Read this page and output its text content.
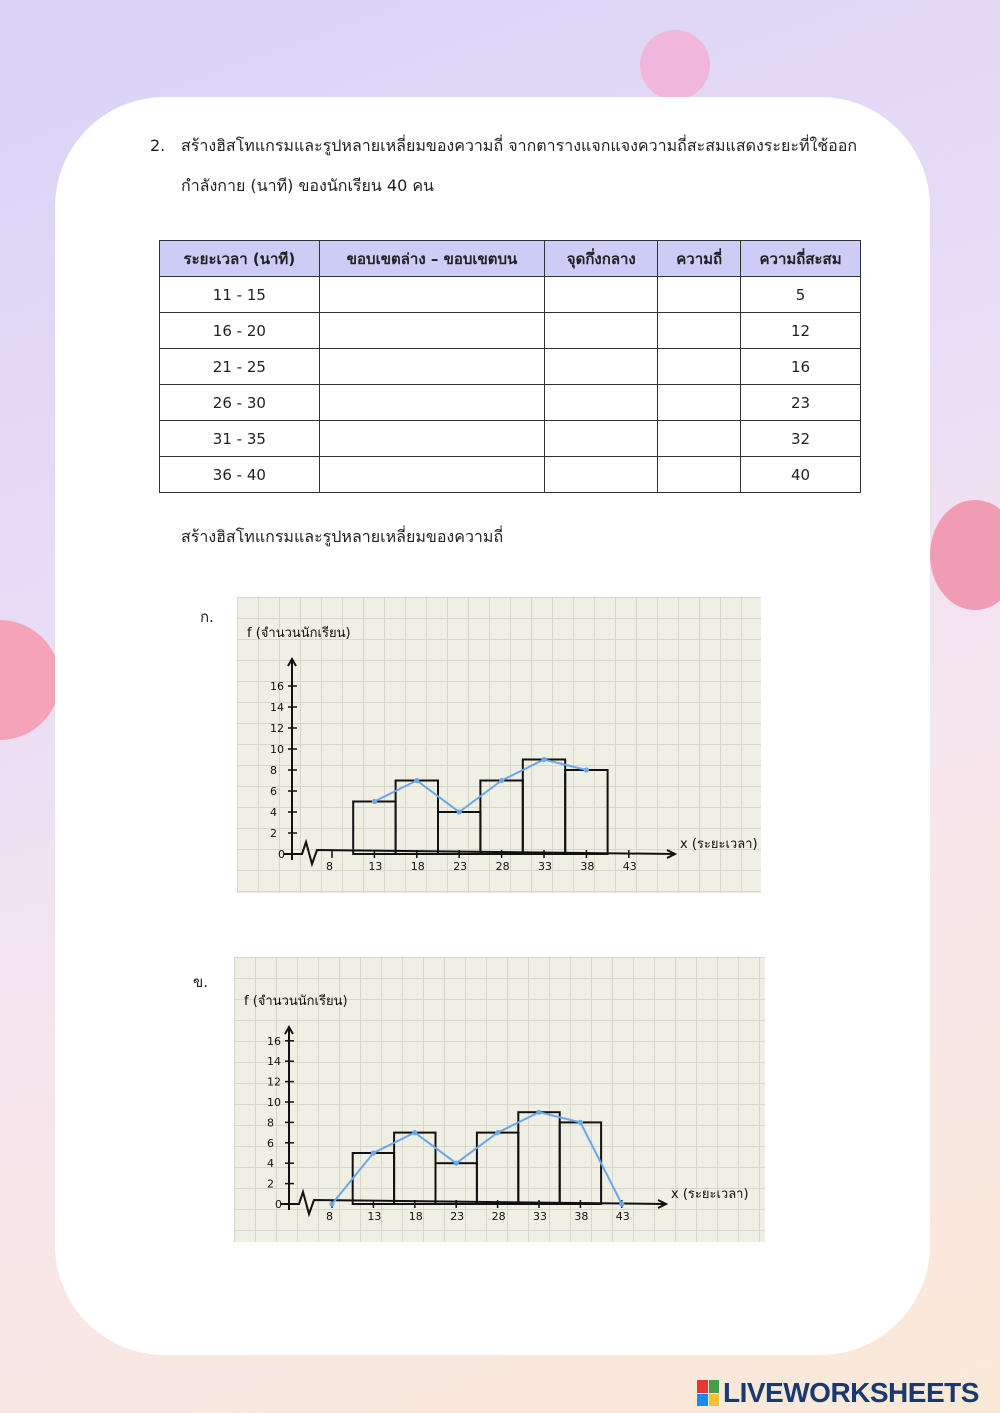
2. สร้างฮิสโทแกรมและรูปหลายเหลี่ยมของความถี่ จากตารางแจกแจงความถี่สะสมแสดงระยะที่ใช้ออกกำลังกาย (นาที) ของนักเรียน 40 คน
ระยะเวลา (นาที)	ขอบเขตล่าง – ขอบเขตบน	จุดกึ่งกลาง	ความถี่	ความถี่สะสม
11 - 15				5
16 - 20				12
21 - 25				16
26 - 30				23
31 - 35				32
36 - 40				40
สร้างฮิสโทแกรมและรูปหลายเหลี่ยมของความถี่
ก.
f (จำนวนนักเรียน)
0
2
4
6
8
10
12
14
16
8	13	18	23	28	33	38	43
x (ระยะเวลา)
ข.
f (จำนวนนักเรียน)
0
2
4
6
8
10
12
14
16
8	13 18 23 28 33 38 43
x (ระยะเวลา)
LIVEWORKSHEETS
